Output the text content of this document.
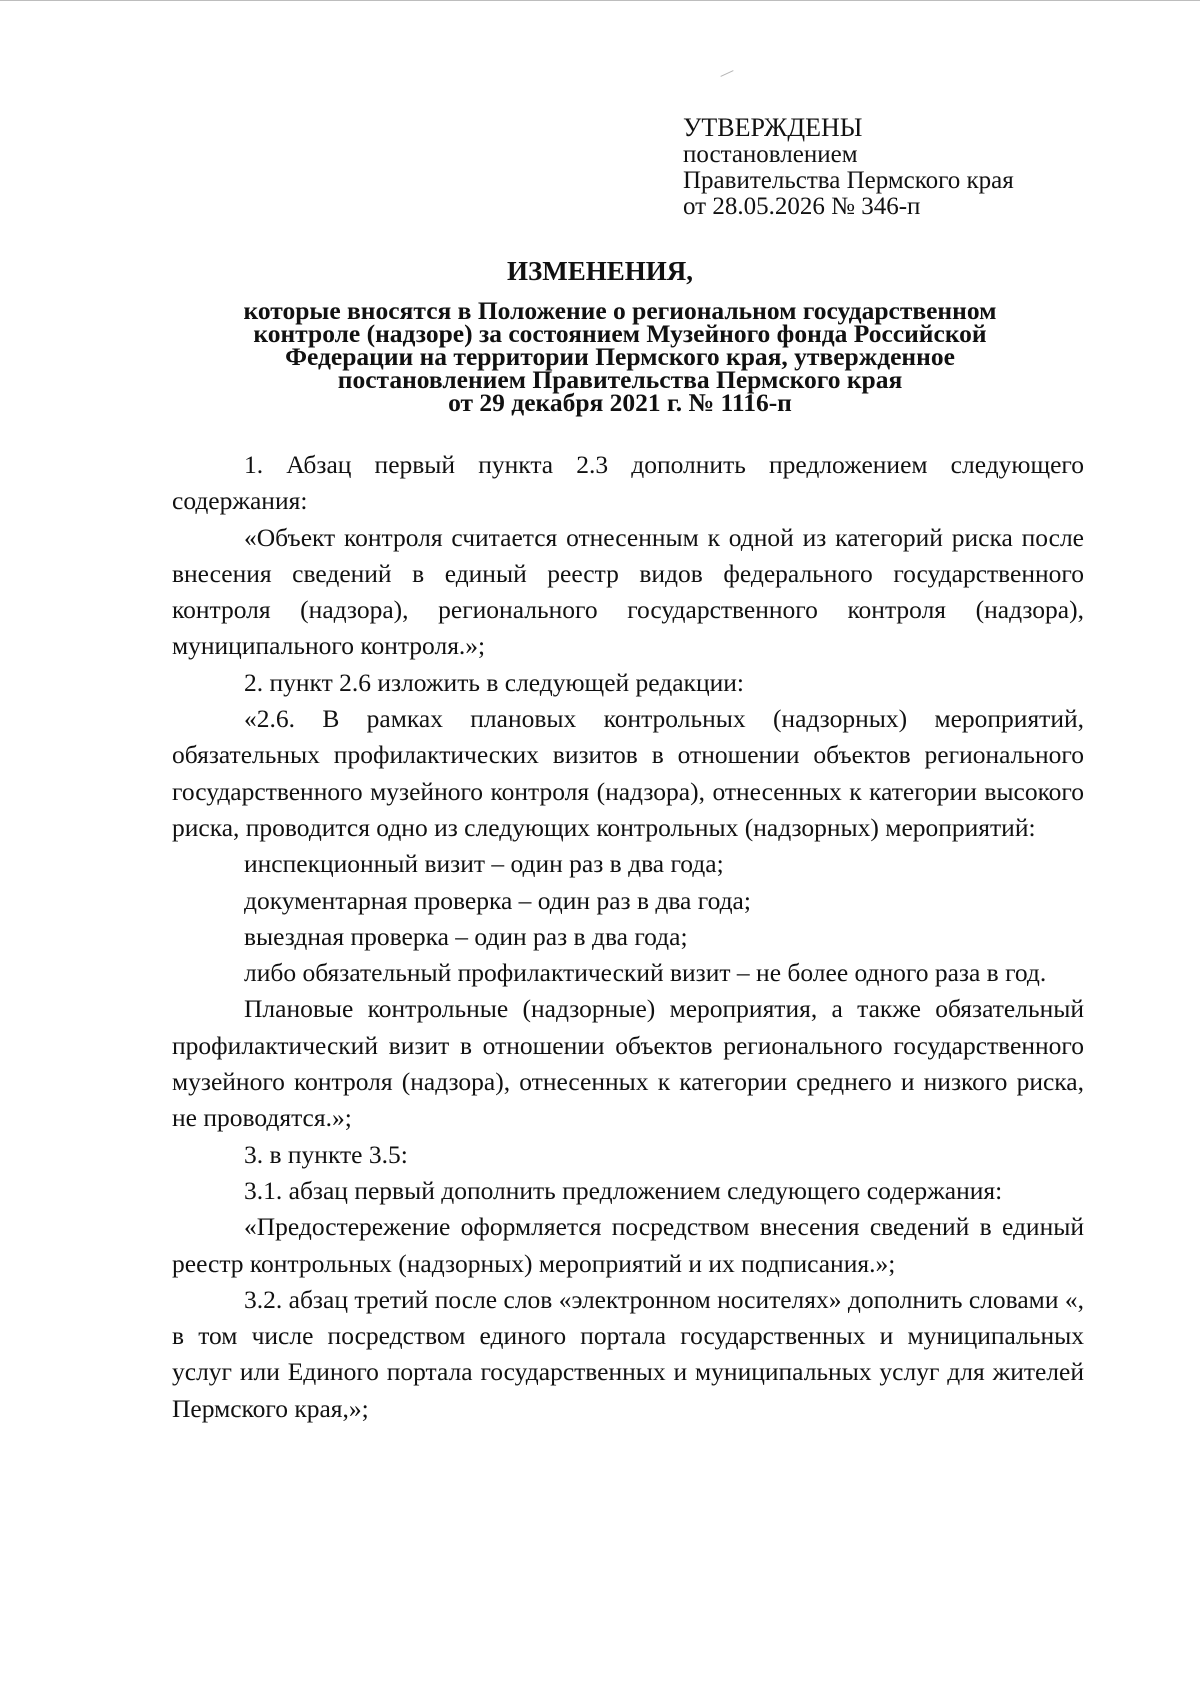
УТВЕРЖДЕНЫ
постановлением
Правительства Пермского края
от 28.05.2026 № 346-п
ИЗМЕНЕНИЯ,
которые вносятся в Положение о региональном государственном
контроле (надзоре) за состоянием Музейного фонда Российской
Федерации на территории Пермского края, утвержденное
постановлением Правительства Пермского края
от 29 декабря 2021 г. № 1116-п

1. Абзац первый пункта 2.3 дополнить предложением следующего содержания:

«Объект контроля считается отнесенным к одной из категорий риска после внесения сведений в единый реестр видов федерального государственного контроля (надзора), регионального государственного контроля (надзора), муниципального контроля.»;

2. пункт 2.6 изложить в следующей редакции:

«2.6. В рамках плановых контрольных (надзорных) мероприятий, обязательных профилактических визитов в отношении объектов регионального государственного музейного контроля (надзора), отнесенных к категории высокого риска, проводится одно из следующих контрольных (надзорных) мероприятий:

инспекционный визит – один раз в два года;

документарная проверка – один раз в два года;

выездная проверка – один раз в два года;

либо обязательный профилактический визит – не более одного раза в год.

Плановые контрольные (надзорные) мероприятия, а также обязательный профилактический визит в отношении объектов регионального государственного музейного контроля (надзора), отнесенных к категории среднего и низкого риска, не проводятся.»;

3. в пункте 3.5:

3.1. абзац первый дополнить предложением следующего содержания:

«Предостережение оформляется посредством внесения сведений в единый реестр контрольных (надзорных) мероприятий и их подписания.»;

3.2. абзац третий после слов «электронном носителях» дополнить словами «, в том числе посредством единого портала государственных и муниципальных услуг или Единого портала государственных и муниципальных услуг для жителей Пермского края,»;
